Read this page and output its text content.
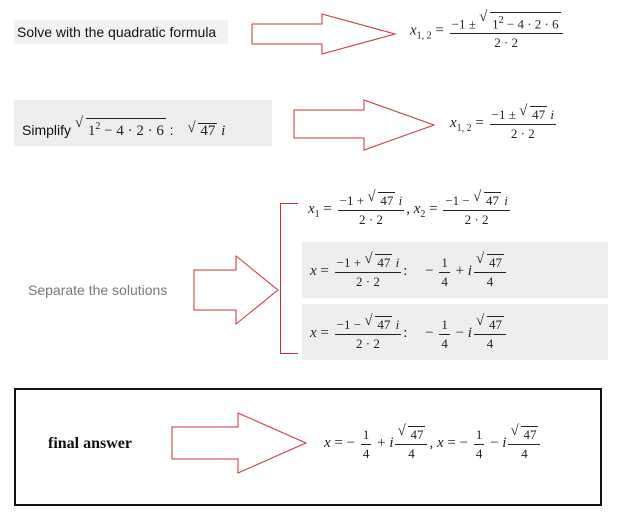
Solve with the quadratic formula	$x_{1, 2} = \frac{-1 \pm √ 1^2 - 4 \cdot 2 \cdot 6}{2 \cdot 2}$
Simplify √ $1^2 - 4 \cdot 2 \cdot 6$ : √ 47 i
$x_{1, 2} = \frac{-1 \pm √ 47 i}{2 \cdot 2}$
$x_1 = \frac{-1 + √ 47 i}{2 \cdot 2}$ , $x_2 = \frac{-1 - √ 47 i}{2 \cdot 2}$
Separate the solutions
$x = \frac{-1 + √ 47 i}{2 \cdot 2}$ : − $\frac{1}{4} + i$ √ $\frac{47}{4}$
$x = \frac{-1 - √ 47 i}{2 \cdot 2}$ : − $\frac{1}{4} - i$ √ $\frac{47}{4}$
final answer	x = − $\frac{1}{4} + i$ √ $\frac{47}{4}$ , x = − $\frac{1}{4} - i$ √ $\frac{47}{4}$
